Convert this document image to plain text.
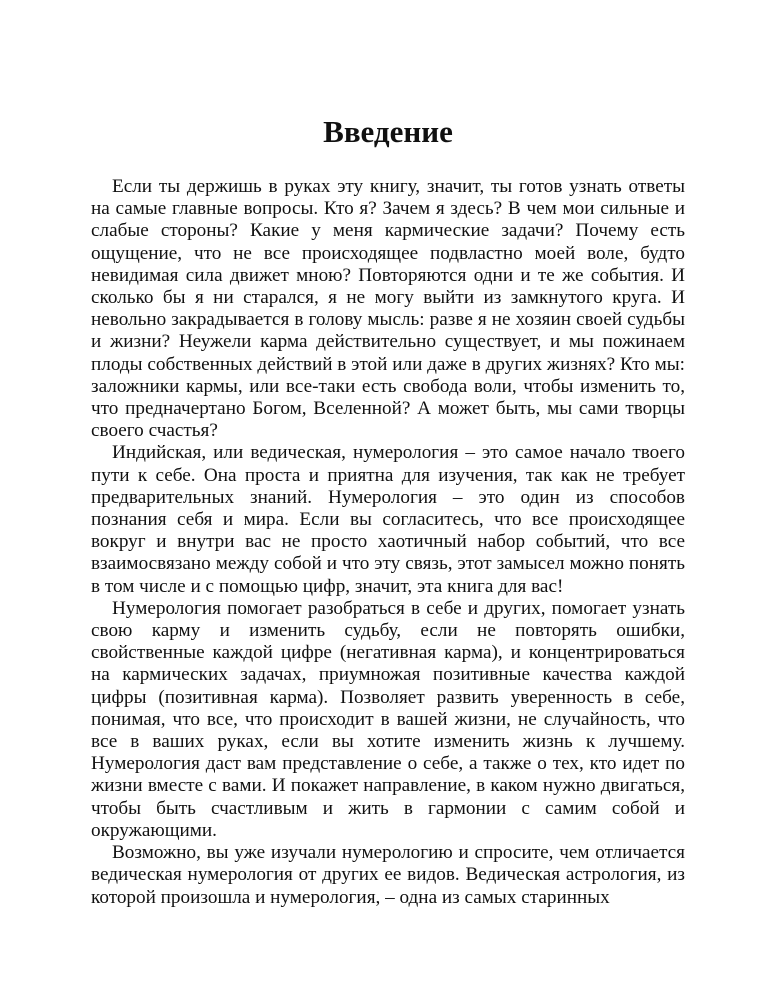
Введение

Если ты держишь в руках эту книгу, значит, ты готов узнать ответы на самые главные вопросы. Кто я? Зачем я здесь? В чем мои сильные и слабые стороны? Какие у меня кармические задачи? Почему есть ощущение, что не все происходящее подвластно моей воле, будто невидимая сила движет мною? Повторяются одни и те же события. И сколько бы я ни старался, я не могу выйти из замкнутого круга. И невольно закрадывается в голову мысль: разве я не хозяин своей судьбы и жизни? Неужели карма действительно существует, и мы пожинаем плоды собственных действий в этой или даже в других жизнях? Кто мы: заложники кармы, или все-таки есть свобода воли, чтобы изменить то, что предначертано Богом, Вселенной? А может быть, мы сами творцы своего счастья?

Индийская, или ведическая, нумерология – это самое начало твоего пути к себе. Она проста и приятна для изучения, так как не требует предварительных знаний. Нумерология – это один из способов познания себя и мира. Если вы согласитесь, что все происходящее вокруг и внутри вас не просто хаотичный набор событий, что все взаимосвязано между собой и что эту связь, этот замысел можно понять в том числе и с помощью цифр, значит, эта книга для вас!

Нумерология помогает разобраться в себе и других, помогает узнать свою карму и изменить судьбу, если не повторять ошибки, свойственные каждой цифре (негативная карма), и концентрироваться на кармических задачах, приумножая позитивные качества каждой цифры (позитивная карма). Позволяет развить уверенность в себе, понимая, что все, что происходит в вашей жизни, не случайность, что все в ваших руках, если вы хотите изменить жизнь к лучшему. Нумерология даст вам представление о себе, а также о тех, кто идет по жизни вместе с вами. И покажет направление, в каком нужно двигаться, чтобы быть счастливым и жить в гармонии с самим собой и окружающими.

Возможно, вы уже изучали нумерологию и спросите, чем отличается ведическая нумерология от других ее видов. Ведическая астрология, из которой произошла и нумерология, – одна из самых старинных
